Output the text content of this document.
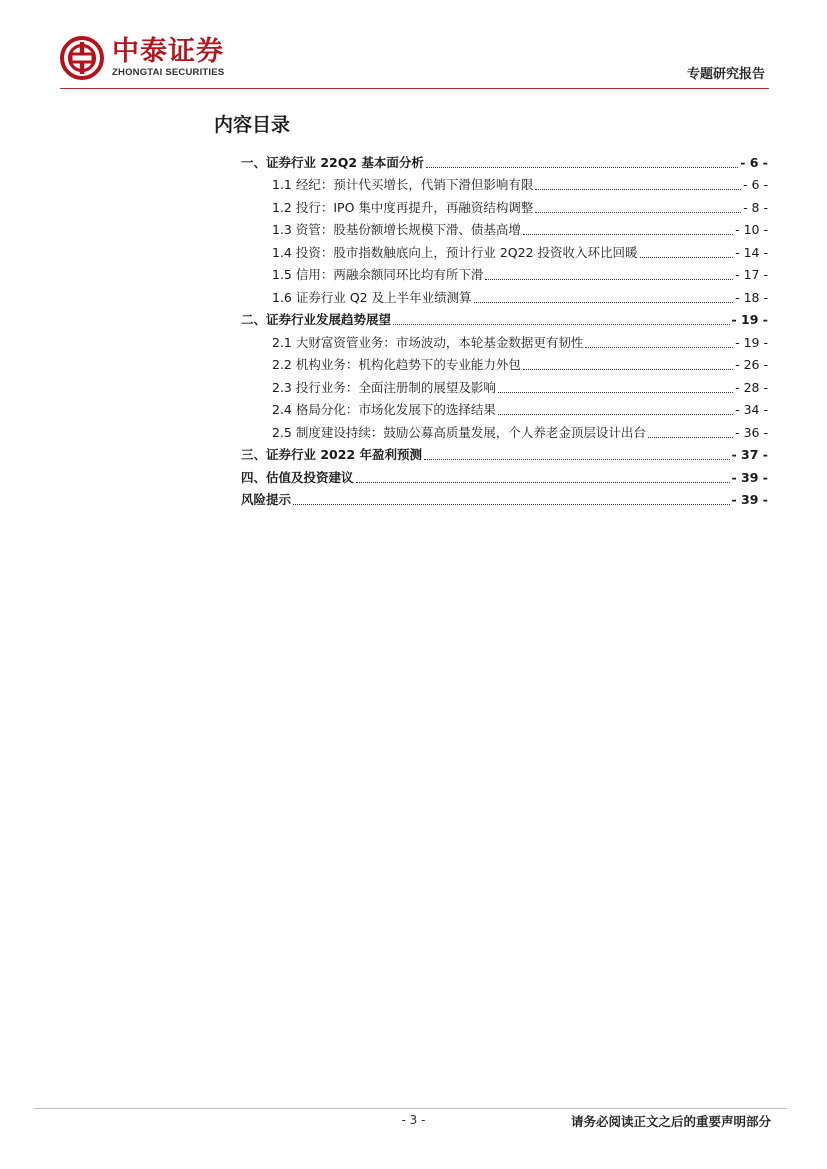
中泰证券
ZHONGTAI SECURITIES	专题研究报告
内容目录
一、证券行业 22Q2 基本面分析	- 6 -
1.1 经纪：预计代买增长，代销下滑但影响有限	- 6 -
1.2 投行：IPO 集中度再提升，再融资结构调整	- 8 -
1.3 资管：股基份额增长规模下滑、债基高增	- 10 -
1.4 投资：股市指数触底向上，预计行业 2Q22 投资收入环比回暖	- 14 -
1.5 信用：两融余额同环比均有所下滑	- 17 -
1.6 证券行业 Q2 及上半年业绩测算	- 18 -
二、证券行业发展趋势展望	- 19 -
2.1 大财富资管业务：市场波动，本轮基金数据更有韧性	- 19 -
2.2 机构业务：机构化趋势下的专业能力外包	- 26 -
2.3 投行业务：全面注册制的展望及影响	- 28 -
2.4 格局分化：市场化发展下的选择结果	- 34 -
2.5 制度建设持续：鼓励公募高质量发展，个人养老金顶层设计出台	- 36 -
三、证券行业 2022 年盈利预测	- 37 -
四、估值及投资建议	- 39 -
风险提示	- 39 -
- 3 -	请务必阅读正文之后的重要声明部分
